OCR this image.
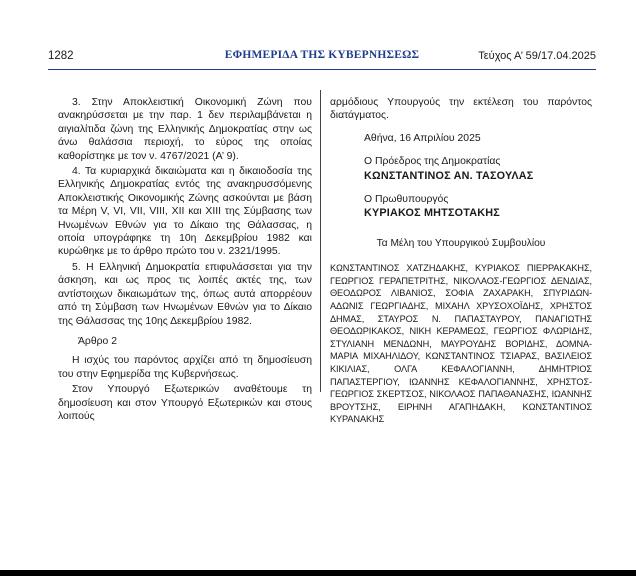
1282	ΕΦΗΜΕΡΙΔΑ ΤΗΣ ΚΥΒΕΡΝΗΣΕΩΣ	Τεύχος Α’ 59/17.04.2025

3. Στην Αποκλειστική Οικονομική Ζώνη που ανακηρύσσεται με την παρ. 1 δεν περιλαμβάνεται η αιγιαλίτιδα ζώνη της Ελληνικής Δημοκρατίας στην ως άνω θαλάσσια περιοχή, το εύρος της οποίας καθορίστηκε με τον ν. 4767/2021 (Α’ 9).

4. Τα κυριαρχικά δικαιώματα και η δικαιοδοσία της Ελληνικής Δημοκρατίας εντός της ανακηρυσσόμενης Αποκλειστικής Οικονομικής Ζώνης ασκούνται με βάση τα Μέρη V, VI, VII, VIII, XII και XIII της Σύμβασης των Ηνωμένων Εθνών για το Δίκαιο της Θάλασσας, η οποία υπογράφηκε τη 10η Δεκεμβρίου 1982 και κυρώθηκε με το άρθρο πρώτο του ν. 2321/1995.

5. Η Ελληνική Δημοκρατία επιφυλάσσεται για την άσκηση, και ως προς τις λοιπές ακτές της, των αντίστοιχων δικαιωμάτων της, όπως αυτά απορρέουν από τη Σύμβαση των Ηνωμένων Εθνών για το Δίκαιο της Θάλασσας της 10ης Δεκεμβρίου 1982.

Άρθρο 2

Η ισχύς του παρόντος αρχίζει από τη δημοσίευση του στην Εφημερίδα της Κυβερνήσεως.

Στον Υπουργό Εξωτερικών αναθέτουμε τη δημοσίευση και στον Υπουργό Εξωτερικών και στους λοιπούς

αρμόδιους Υπουργούς την εκτέλεση του παρόντος διατάγματος.

Αθήνα, 16 Απριλίου 2025
Ο Πρόεδρος της Δημοκρατίας
ΚΩΝΣΤΑΝΤΙΝΟΣ ΑΝ. ΤΑΣΟΥΛΑΣ
Ο Πρωθυπουργός
ΚΥΡΙΑΚΟΣ ΜΗΤΣΟΤΑΚΗΣ
Τα Μέλη του Υπουργικού Συμβουλίου
ΚΩΝΣΤΑΝΤΙΝΟΣ ΧΑΤΖΗΔΑΚΗΣ, ΚΥΡΙΑΚΟΣ ΠΙΕΡΡΑΚΑΚΗΣ, ΓΕΩΡΓΙΟΣ ΓΕΡΑΠΕΤΡΙΤΗΣ, ΝΙΚΟΛΑΟΣ-ΓΕΩΡΓΙΟΣ ΔΕΝΔΙΑΣ, ΘΕΟΔΩΡΟΣ ΛΙΒΑΝΙΟΣ, ΣΟΦΙΑ ΖΑΧΑΡΑΚΗ, ΣΠΥΡΙΔΩΝ-ΑΔΩΝΙΣ ΓΕΩΡΓΙΑΔΗΣ, ΜΙΧΑΗΛ ΧΡΥΣΟΧΟΪΔΗΣ, ΧΡΗΣΤΟΣ ΔΗΜΑΣ, ΣΤΑΥΡΟΣ Ν. ΠΑΠΑΣΤΑΥΡΟΥ, ΠΑΝΑΓΙΩΤΗΣ ΘΕΟΔΩΡΙΚΑΚΟΣ, ΝΙΚΗ ΚΕΡΑΜΕΩΣ, ΓΕΩΡΓΙΟΣ ΦΛΩΡΙΔΗΣ, ΣΤΥΛΙΑΝΗ ΜΕΝΔΩΝΗ, ΜΑΥΡΟΥΔΗΣ ΒΟΡΙΔΗΣ, ΔΟΜΝΑ-ΜΑΡΙΑ ΜΙΧΑΗΛΙΔΟΥ, ΚΩΝΣΤΑΝΤΙΝΟΣ ΤΣΙΑΡΑΣ, ΒΑΣΙΛΕΙΟΣ ΚΙΚΙΛΙΑΣ, ΟΛΓΑ ΚΕΦΑΛΟΓΙΑΝΝΗ, ΔΗΜΗΤΡΙΟΣ ΠΑΠΑΣΤΕΡΓΙΟΥ, ΙΩΑΝΝΗΣ ΚΕΦΑΛΟΓΙΑΝΝΗΣ, ΧΡΗΣΤΟΣ-ΓΕΩΡΓΙΟΣ ΣΚΕΡΤΣΟΣ, ΝΙΚΟΛΑΟΣ ΠΑΠΑΘΑΝΑΣΗΣ, ΙΩΑΝΝΗΣ ΒΡΟΥΤΣΗΣ, ΕΙΡΗΝΗ ΑΓΑΠΗΔΑΚΗ, ΚΩΝΣΤΑΝΤΙΝΟΣ ΚΥΡΑΝΑΚΗΣ
